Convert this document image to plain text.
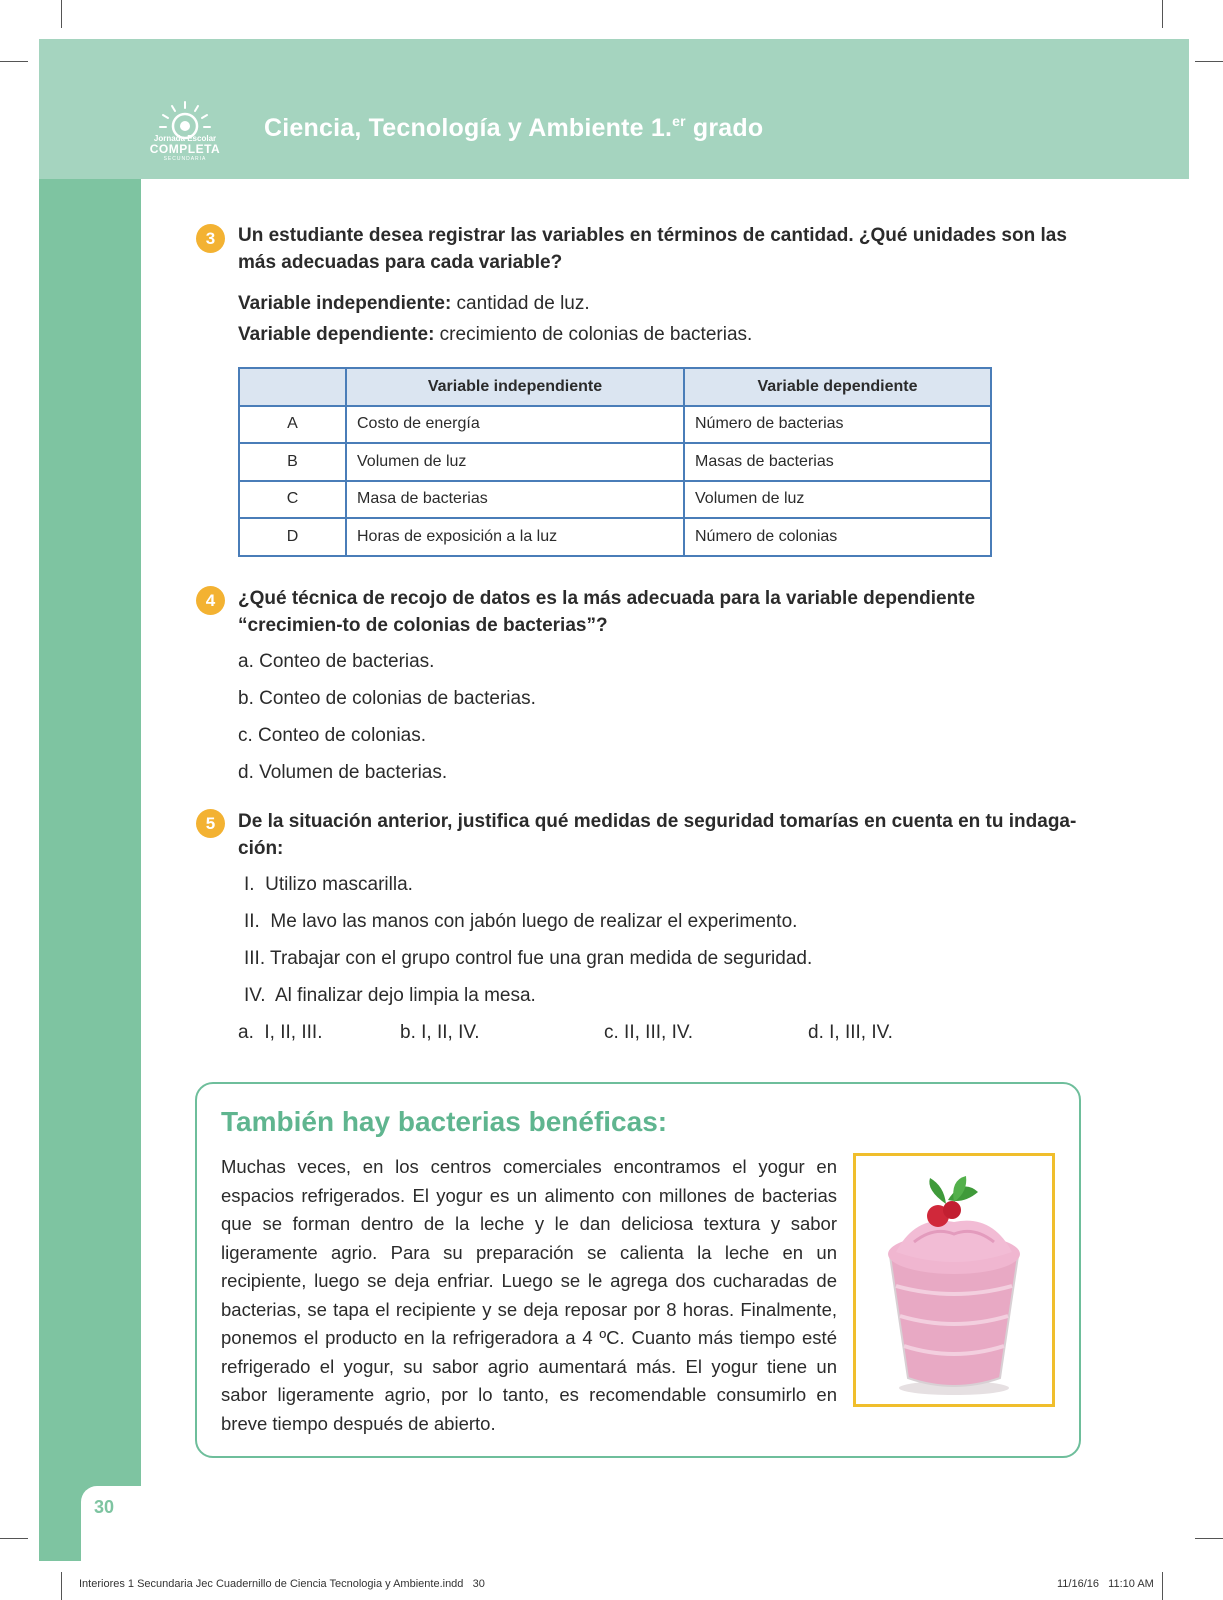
30
Jornada Escolar
COMPLETA
SECUNDARIA
Ciencia, Tecnología y Ambiente 1.$^{er}$ grado
3	Un estudiante desea registrar las variables en términos de cantidad. ¿Qué unidades son las más adecuadas para cada variable?
Variable independiente: cantidad de luz.
Variable dependiente: crecimiento de colonias de bacterias.
	Variable independiente	Variable dependiente
A	Costo de energía	Número de bacterias
B	Volumen de luz	Masas de bacterias
C	Masa de bacterias	Volumen de luz
D	Horas de exposición a la luz	Número de colonias
4	¿Qué técnica de recojo de datos es la más adecuada para la variable dependiente “crecimien-to de colonias de bacterias”?
a. Conteo de bacterias.
b. Conteo de colonias de bacterias.
c. Conteo de colonias.
d. Volumen de bacterias.
5	De la situación anterior, justifica qué medidas de seguridad tomarías en cuenta en tu indaga-ción:
I.  Utilizo mascarilla.
II.  Me lavo las manos con jabón luego de realizar el experimento.
III. Trabajar con el grupo control fue una gran medida de seguridad.
IV.  Al finalizar dejo limpia la mesa.
a.  I, II, III.	b. I, II, IV.	c. II, III, IV.	d. I, III, IV.
También hay bacterias benéficas:
Muchas veces, en los centros comerciales encontramos el yogur en espacios refrigerados. El yogur es un alimento con millones de bacterias que se forman dentro de la leche y le dan deliciosa textura y sabor ligeramente agrio. Para su preparación se calienta la leche en un recipiente, luego se deja enfriar. Luego se le agrega dos cucharadas de bacterias, se tapa el recipiente y se deja reposar por 8 horas. Finalmente, ponemos el producto en la refrigeradora a 4 ºC. Cuanto más tiempo esté refrigerado el yogur, su sabor agrio aumentará más. El yogur tiene un sabor ligeramente agrio, por lo tanto, es recomendable consumirlo en breve tiempo después de abierto.
Interiores 1 Secundaria Jec Cuadernillo de Ciencia Tecnologia y Ambiente.indd   30	11/16/16   11:10 AM
